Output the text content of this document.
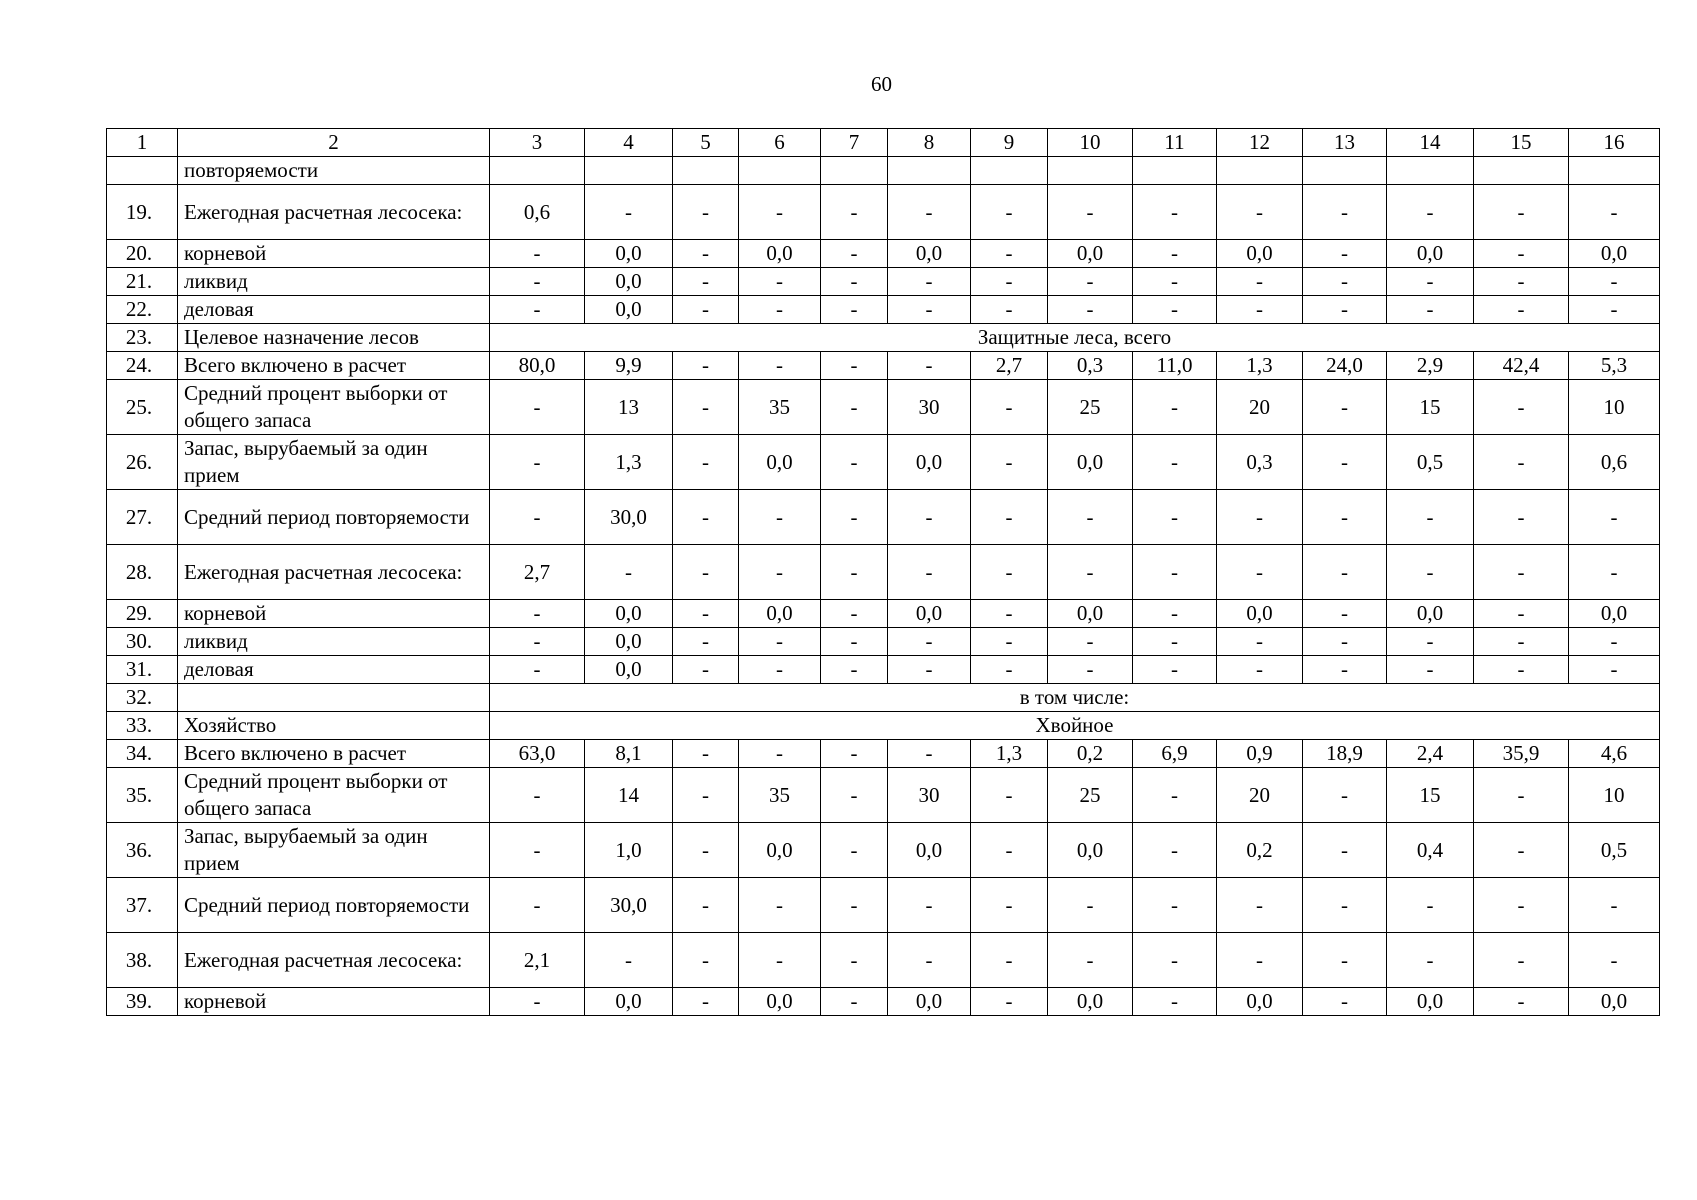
60
1	2	3	4	5	6	7	8	9	10	11	12	13	14	15	16
	повторяемости														
19.	Ежегодная расчетная лесосека:	0,6	-	-	-	-	-	-	-	-	-	-	-	-	-
20.	корневой	-	0,0	-	0,0	-	0,0	-	0,0	-	0,0	-	0,0	-	0,0
21.	ликвид	-	0,0	-	-	-	-	-	-	-	-	-	-	-	-
22.	деловая	-	0,0	-	-	-	-	-	-	-	-	-	-	-	-
23.	Целевое назначение лесов	Защитные леса, всего													
24.	Всего включено в расчет	80,0	9,9	-	-	-	-	2,7	0,3	11,0	1,3	24,0	2,9	42,4	5,3
25.	Средний процент выборки от общего запаса	-	13	-	35	-	30	-	25	-	20	-	15	-	10
26.	Запас, вырубаемый за один прием	-	1,3	-	0,0	-	0,0	-	0,0	-	0,3	-	0,5	-	0,6
27.	Средний период повторяемости	-	30,0	-	-	-	-	-	-	-	-	-	-	-	-
28.	Ежегодная расчетная лесосека:	2,7	-	-	-	-	-	-	-	-	-	-	-	-	-
29.	корневой	-	0,0	-	0,0	-	0,0	-	0,0	-	0,0	-	0,0	-	0,0
30.	ликвид	-	0,0	-	-	-	-	-	-	-	-	-	-	-	-
31.	деловая	-	0,0	-	-	-	-	-	-	-	-	-	-	-	-
32.		в том числе:													
33.	Хозяйство	Хвойное													
34.	Всего включено в расчет	63,0	8,1	-	-	-	-	1,3	0,2	6,9	0,9	18,9	2,4	35,9	4,6
35.	Средний процент выборки от общего запаса	-	14	-	35	-	30	-	25	-	20	-	15	-	10
36.	Запас, вырубаемый за один прием	-	1,0	-	0,0	-	0,0	-	0,0	-	0,2	-	0,4	-	0,5
37.	Средний период повторяемости	-	30,0	-	-	-	-	-	-	-	-	-	-	-	-
38.	Ежегодная расчетная лесосека:	2,1	-	-	-	-	-	-	-	-	-	-	-	-	-
39.	корневой	-	0,0	-	0,0	-	0,0	-	0,0	-	0,0	-	0,0	-	0,0
